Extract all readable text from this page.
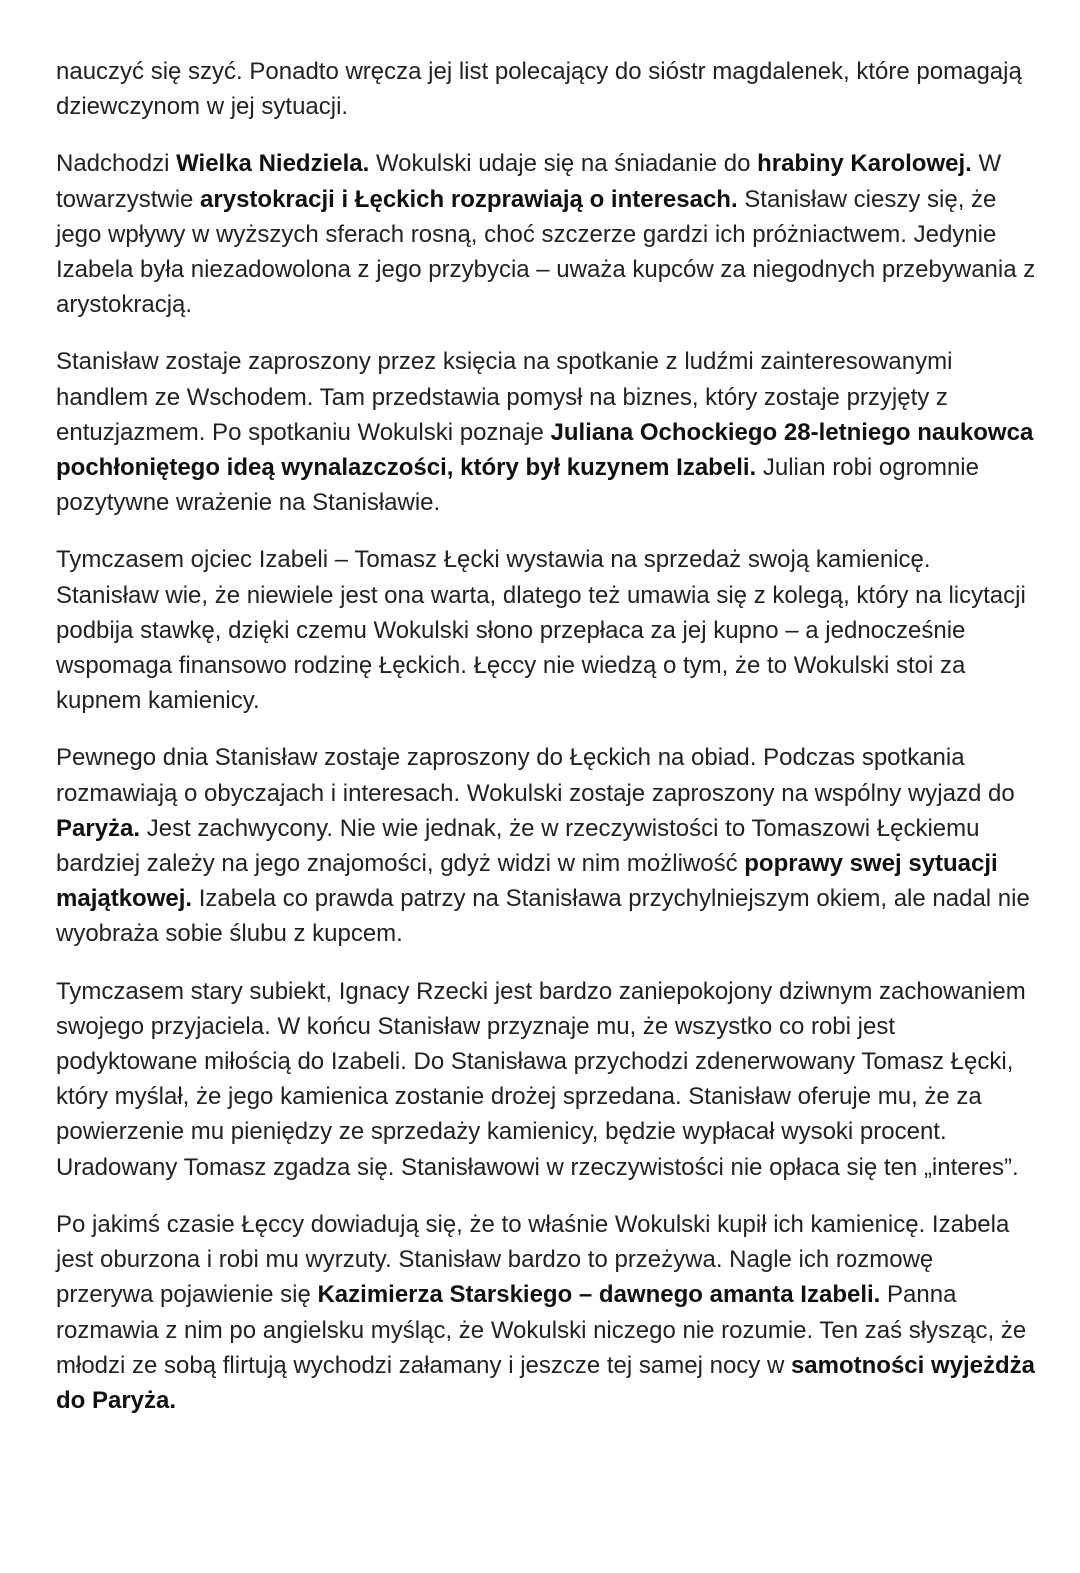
nauczyć się szyć. Ponadto wręcza jej list polecający do sióstr magdalenek, które pomagają dziewczynom w jej sytuacji.

Nadchodzi Wielka Niedziela. Wokulski udaje się na śniadanie do hrabiny Karolowej. W towarzystwie arystokracji i Łęckich rozprawiają o interesach. Stanisław cieszy się, że jego wpływy w wyższych sferach rosną, choć szczerze gardzi ich próżniactwem. Jedynie Izabela była niezadowolona z jego przybycia – uważa kupców za niegodnych przebywania z arystokracją.

Stanisław zostaje zaproszony przez księcia na spotkanie z ludźmi zainteresowanymi handlem ze Wschodem. Tam przedstawia pomysł na biznes, który zostaje przyjęty z entuzjazmem. Po spotkaniu Wokulski poznaje Juliana Ochockiego 28-letniego naukowca pochłoniętego ideą wynalazczości, który był kuzynem Izabeli. Julian robi ogromnie pozytywne wrażenie na Stanisławie.

Tymczasem ojciec Izabeli – Tomasz Łęcki wystawia na sprzedaż swoją kamienicę. Stanisław wie, że niewiele jest ona warta, dlatego też umawia się z kolegą, który na licytacji podbija stawkę, dzięki czemu Wokulski słono przepłaca za jej kupno – a jednocześnie wspomaga finansowo rodzinę Łęckich. Łęccy nie wiedzą o tym, że to Wokulski stoi za kupnem kamienicy.

Pewnego dnia Stanisław zostaje zaproszony do Łęckich na obiad. Podczas spotkania rozmawiają o obyczajach i interesach. Wokulski zostaje zaproszony na wspólny wyjazd do Paryża. Jest zachwycony. Nie wie jednak, że w rzeczywistości to Tomaszowi Łęckiemu bardziej zależy na jego znajomości, gdyż widzi w nim możliwość poprawy swej sytuacji majątkowej. Izabela co prawda patrzy na Stanisława przychylniejszym okiem, ale nadal nie wyobraża sobie ślubu z kupcem.

Tymczasem stary subiekt, Ignacy Rzecki jest bardzo zaniepokojony dziwnym zachowaniem swojego przyjaciela. W końcu Stanisław przyznaje mu, że wszystko co robi jest podyktowane miłością do Izabeli. Do Stanisława przychodzi zdenerwowany Tomasz Łęcki, który myślał, że jego kamienica zostanie drożej sprzedana. Stanisław oferuje mu, że za powierzenie mu pieniędzy ze sprzedaży kamienicy, będzie wypłacał wysoki procent. Uradowany Tomasz zgadza się. Stanisławowi w rzeczywistości nie opłaca się ten „interes”.

Po jakimś czasie Łęccy dowiadują się, że to właśnie Wokulski kupił ich kamienicę. Izabela jest oburzona i robi mu wyrzuty. Stanisław bardzo to przeżywa. Nagle ich rozmowę przerywa pojawienie się Kazimierza Starskiego – dawnego amanta Izabeli. Panna rozmawia z nim po angielsku myśląc, że Wokulski niczego nie rozumie. Ten zaś słysząc, że młodzi ze sobą flirtują wychodzi załamany i jeszcze tej samej nocy w samotności wyjeżdża do Paryża.
